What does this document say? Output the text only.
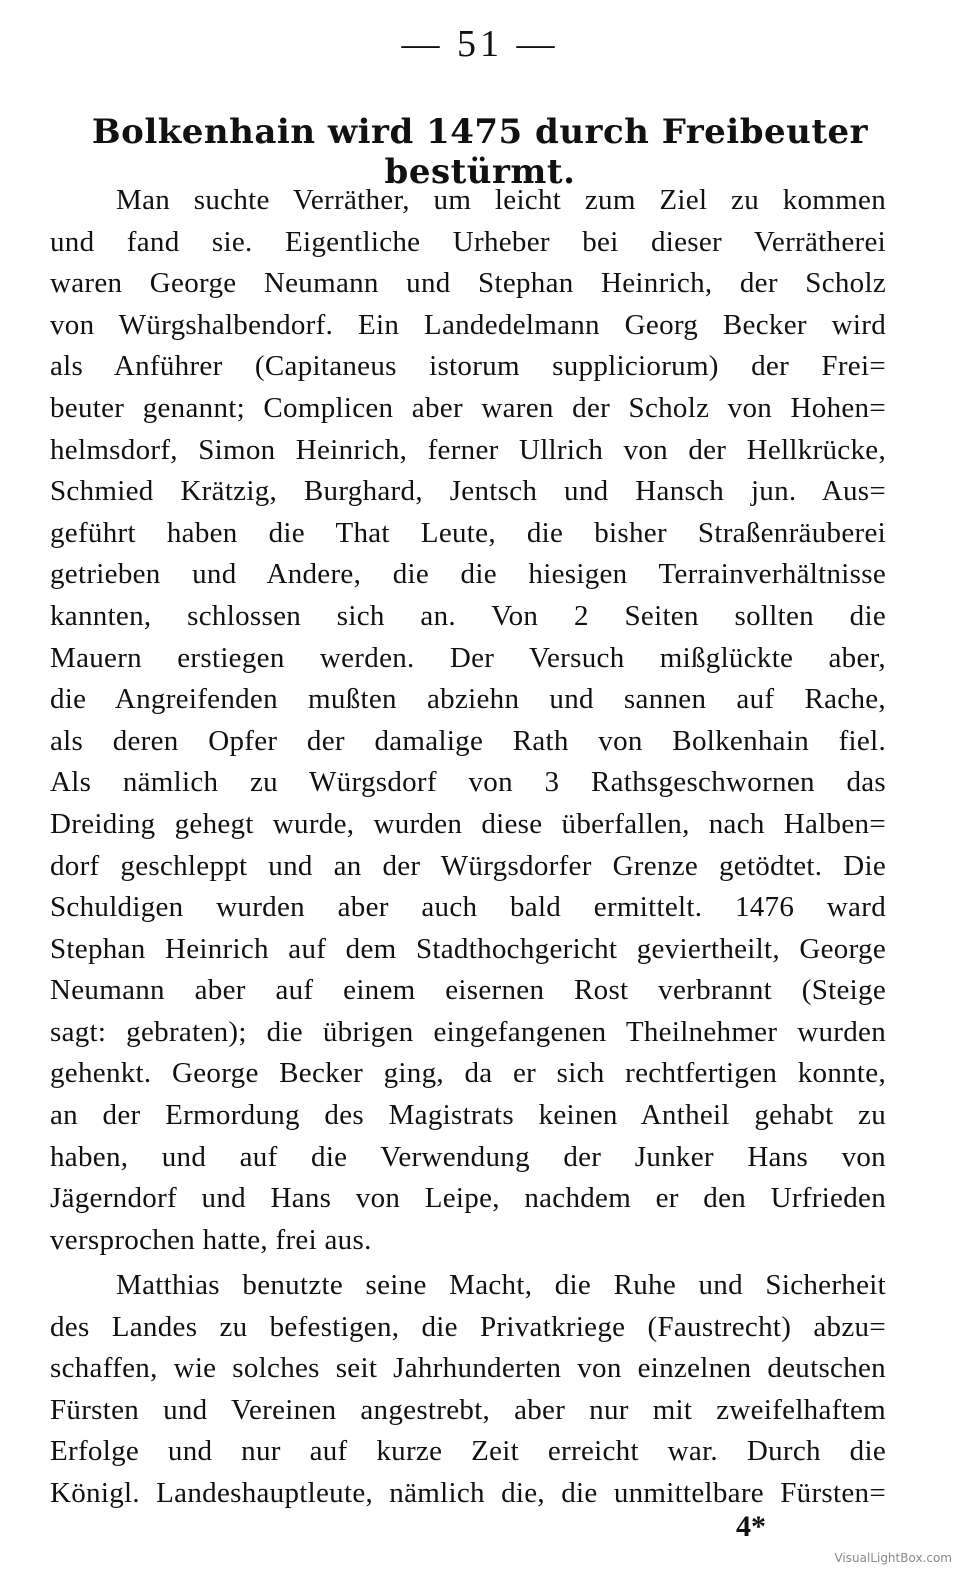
— 51 —
Bolkenhain wird 1475 durch Freibeuter bestürmt.
Man suchte Verräther, um leicht zum Ziel zu kommen
und fand sie. Eigentliche Urheber bei dieser Verrätherei
waren George Neumann und Stephan Heinrich, der Scholz
von Würgshalbendorf. Ein Landedelmann Georg Becker wird
als Anführer (Capitaneus istorum suppliciorum) der Frei=
beuter genannt; Complicen aber waren der Scholz von Hohen=
helmsdorf, Simon Heinrich, ferner Ullrich von der Hellkrücke,
Schmied Krätzig, Burghard, Jentsch und Hansch jun. Aus=
geführt haben die That Leute, die bisher Straßenräuberei
getrieben und Andere, die die hiesigen Terrainverhältnisse
kannten, schlossen sich an. Von 2 Seiten sollten die
Mauern erstiegen werden. Der Versuch mißglückte aber,
die Angreifenden mußten abziehn und sannen auf Rache,
als deren Opfer der damalige Rath von Bolkenhain fiel.
Als nämlich zu Würgsdorf von 3 Rathsgeschwornen das
Dreiding gehegt wurde, wurden diese überfallen, nach Halben=
dorf geschleppt und an der Würgsdorfer Grenze getödtet. Die
Schuldigen wurden aber auch bald ermittelt. 1476 ward
Stephan Heinrich auf dem Stadthochgericht geviertheilt, George
Neumann aber auf einem eisernen Rost verbrannt (Steige
sagt: gebraten); die übrigen eingefangenen Theilnehmer wurden
gehenkt. George Becker ging, da er sich rechtfertigen konnte,
an der Ermordung des Magistrats keinen Antheil gehabt zu
haben, und auf die Verwendung der Junker Hans von
Jägerndorf und Hans von Leipe, nachdem er den Urfrieden
versprochen hatte, frei aus.
Matthias benutzte seine Macht, die Ruhe und Sicherheit
des Landes zu befestigen, die Privatkriege (Faustrecht) abzu=
schaffen, wie solches seit Jahrhunderten von einzelnen deutschen
Fürsten und Vereinen angestrebt, aber nur mit zweifelhaftem
Erfolge und nur auf kurze Zeit erreicht war. Durch die
Königl. Landeshauptleute, nämlich die, die unmittelbare Fürsten=
4*
VisualLightBox.com
